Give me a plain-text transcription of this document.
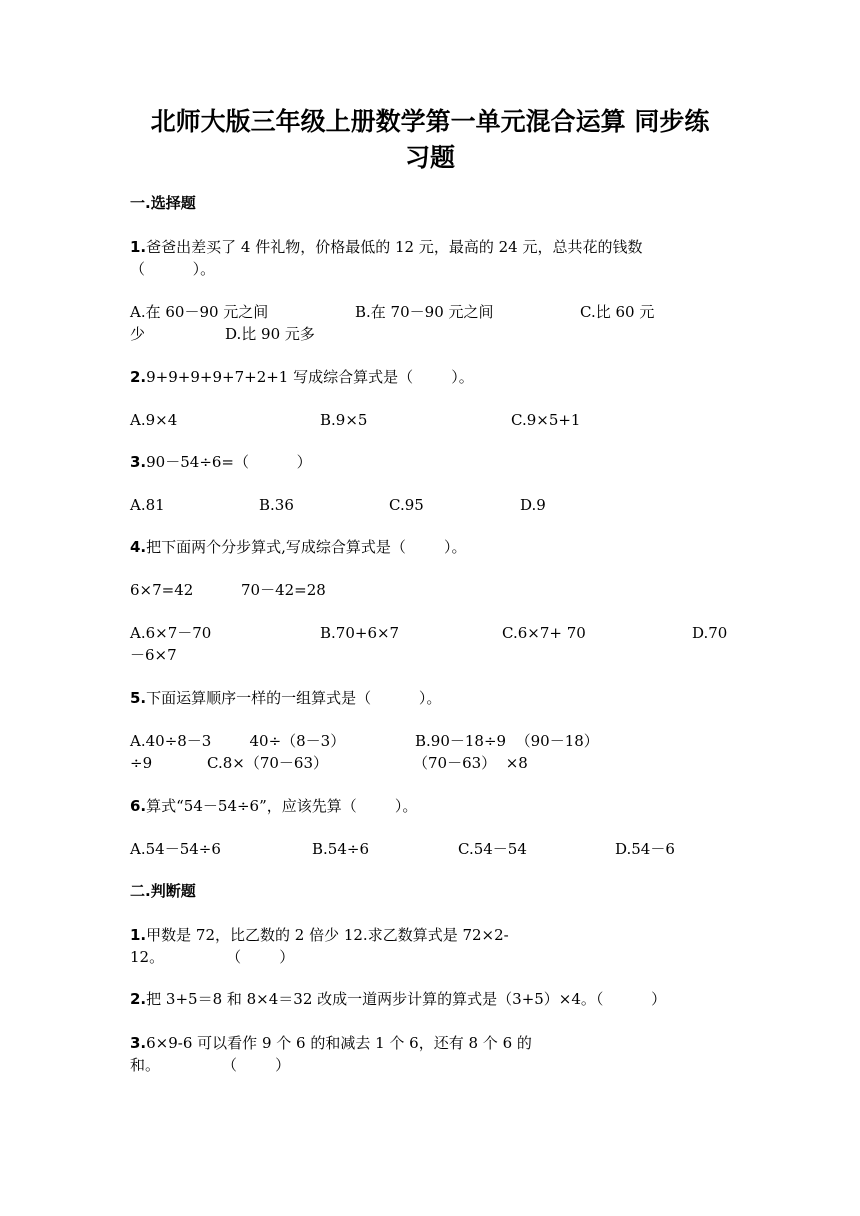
北师大版三年级上册数学第一单元混合运算 同步练
习题
一.选择题
1.爸爸出差买了 4 件礼物，价格最低的 12 元，最高的 24 元，总共花的钱数
（          ）。
A.在 60－90 元之间	B.在 70－90 元之间	C.比 60 元
少	D.比 90 元多
2.9+9+9+9+7+2+1 写成综合算式是（        ）。
A.9×4	B.9×5	C.9×5+1
3.90－54÷6=（          ）
A.81	B.36	C.95	D.9
4.把下面两个分步算式,写成综合算式是（        ）。
6×7=42          70－42=28
A.6×7－70	B.70+6×7	C.6×7+ 70	D.70
－6×7
5.下面运算顺序一样的一组算式是（          ）。
A.40÷8－3        40÷（8－3）	B.90－18÷9  （90－18）
÷9	C.8×（70－63）	（70－63）  ×8
6.算式“54－54÷6”，应该先算（        ）。
A.54－54÷6	B.54÷6	C.54－54	D.54－6
二.判断题
1.甲数是 72，比乙数的 2 倍少 12.求乙数算式是 72×2-
12。             （        ）
2.把 3+5＝8 和 8×4＝32 改成一道两步计算的算式是（3+5）×4。（          ）
3.6×9-6 可以看作 9 个 6 的和减去 1 个 6，还有 8 个 6 的
和。             （        ）
